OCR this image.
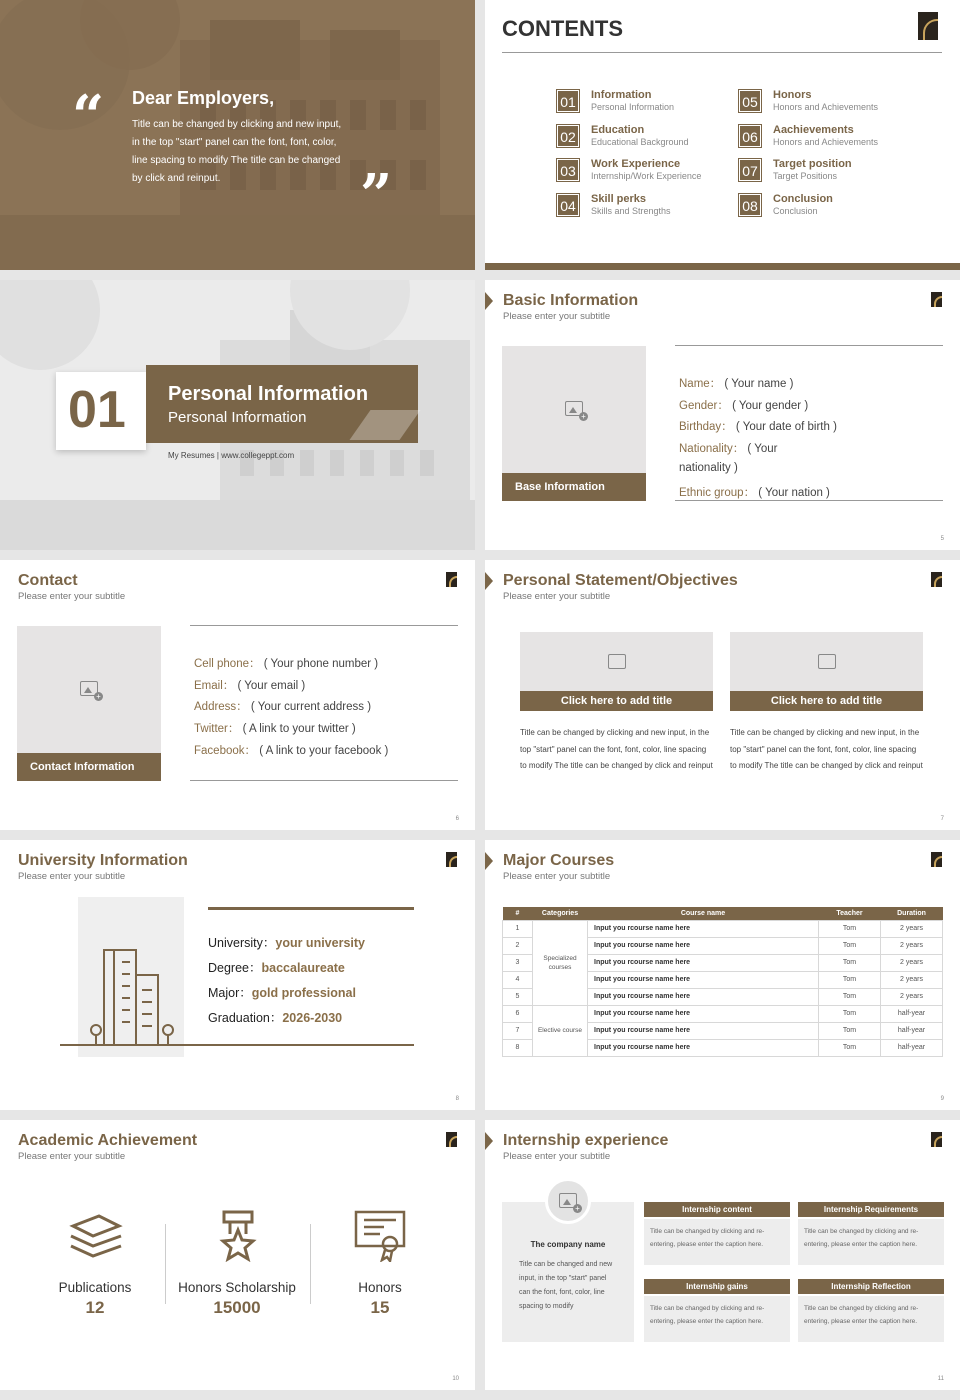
“ Dear Employers,
Title can be changed by clicking and new input, in the top "start" panel can the font, font, color, line spacing to modify The title can be changed by click and reinput.	”
CONTENTS
01 Information
Personal Information
02 Education
Educational Background
03 Work Experience
Internship/Work Experience
04 Skill perks
Skills and Strengths
05 Honors
Honors and Achievements
06 Aachievements
Honors and Achievements
07 Target position
Target Positions
08 Conclusion
Conclusion
01 Personal Information
Personal Information
My Resumes | www.collegeppt.com
Basic Information
Please enter your subtitle
+
Base Information
Name： ( Your name )
Gender： ( Your gender )
Birthday： ( Your date of birth )
Nationality： ( Your
nationality )
Ethnic group： ( Your nation )
5
Contact
Please enter your subtitle
+
Contact Information
Cell phone： ( Your phone number )
Email： ( Your email )
Address： ( Your current address )
Twitter： ( A link to your twitter )
Facebook： ( A link to your facebook )
6
Personal Statement/Objectives
Please enter your subtitle
Click here to add title
Title can be changed by clicking and new input, in the top "start" panel can the font, font, color, line spacing to modify The title can be changed by click and reinput
Click here to add title
Title can be changed by clicking and new input, in the top "start" panel can the font, font, color, line spacing to modify The title can be changed by click and reinput
7
University Information
Please enter your subtitle
University：your university
Degree：baccalaureate
Major：gold professional
Graduation：2026-2030
8
Major Courses
Please enter your subtitle
#	Categories	Course name	Teacher	Duration
1	Specialized courses	Input you rcourse name here	Tom	2 years
2		Input you rcourse name here	Tom	2 years
3		Input you rcourse name here	Tom	2 years
4		Input you rcourse name here	Tom	2 years
5		Input you rcourse name here	Tom	2 years
6	Elective course	Input you rcourse name here	Tom	half-year
7		Input you rcourse name here	Tom	half-year
8		Input you rcourse name here	Tom	half-year
9
Academic Achievement
Please enter your subtitle
Publications
12
Honors Scholarship
15000
Honors
15
10
Internship experience
Please enter your subtitle
+
The company name
Title can be changed and new input, in the top "start" panel can the font, font, color, line spacing to modify
Internship content
Title can be changed by clicking and re-entering, please enter the caption here.
Internship Requirements
Title can be changed by clicking and re-entering, please enter the caption here.
Internship gains
Title can be changed by clicking and re-entering, please enter the caption here.
Internship Reflection
Title can be changed by clicking and re-entering, please enter the caption here.
11
